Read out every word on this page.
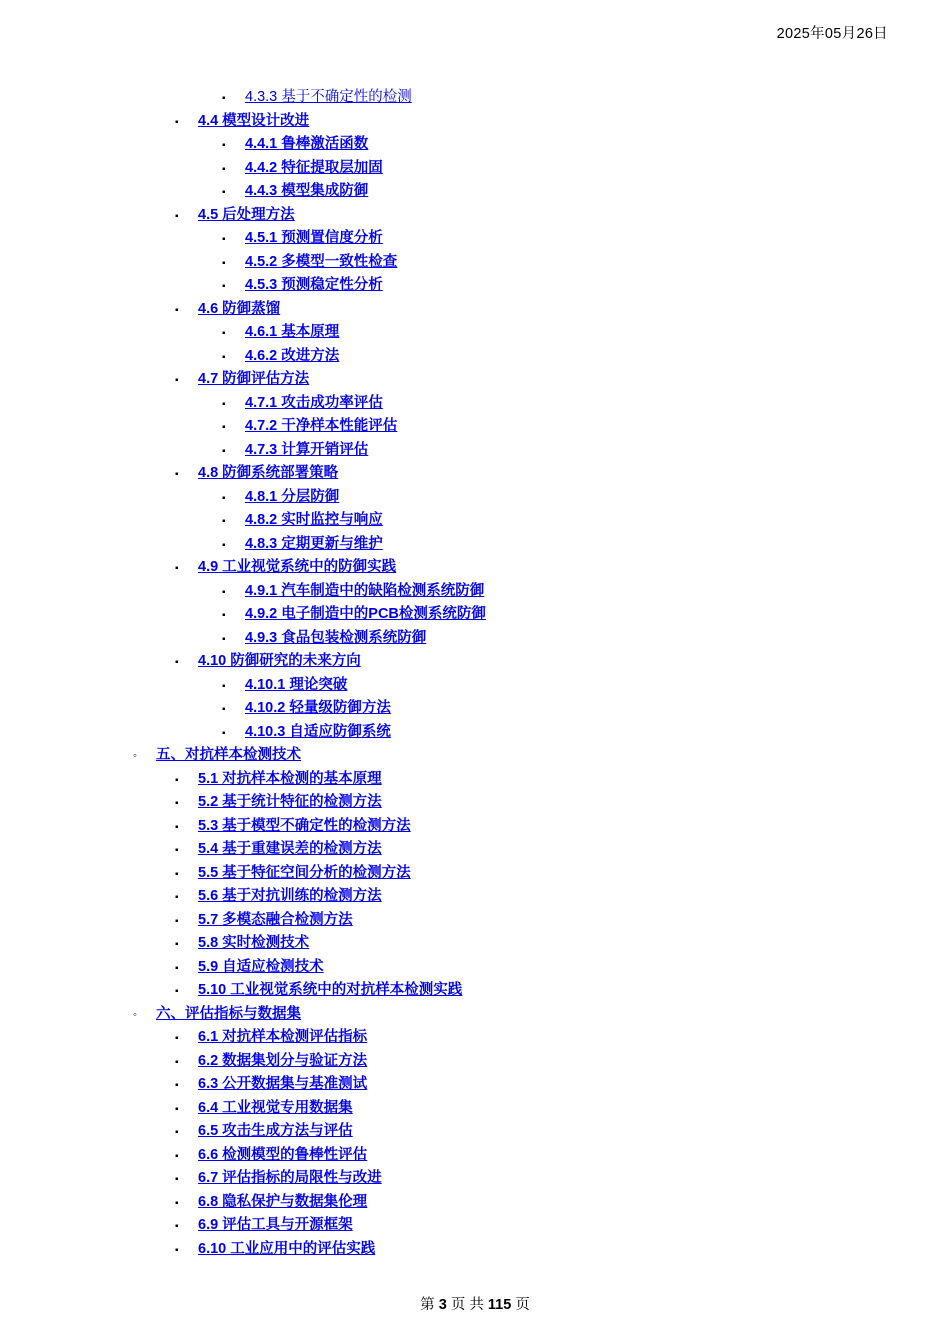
2025年05月26日
▪	4.3.3 基于不确定性的检测
▪	4.4 模型设计改进
▪	4.4.1 鲁棒激活函数
▪	4.4.2 特征提取层加固
▪	4.4.3 模型集成防御
▪	4.5 后处理方法
▪	4.5.1 预测置信度分析
▪	4.5.2 多模型一致性检查
▪	4.5.3 预测稳定性分析
▪	4.6 防御蒸馏
▪	4.6.1 基本原理
▪	4.6.2 改进方法
▪	4.7 防御评估方法
▪	4.7.1 攻击成功率评估
▪	4.7.2 干净样本性能评估
▪	4.7.3 计算开销评估
▪	4.8 防御系统部署策略
▪	4.8.1 分层防御
▪	4.8.2 实时监控与响应
▪	4.8.3 定期更新与维护
▪	4.9 工业视觉系统中的防御实践
▪	4.9.1 汽车制造中的缺陷检测系统防御
▪	4.9.2 电子制造中的PCB检测系统防御
▪	4.9.3 食品包装检测系统防御
▪	4.10 防御研究的未来方向
▪	4.10.1 理论突破
▪	4.10.2 轻量级防御方法
▪	4.10.3 自适应防御系统
◦	五、对抗样本检测技术
▪	5.1 对抗样本检测的基本原理
▪	5.2 基于统计特征的检测方法
▪	5.3 基于模型不确定性的检测方法
▪	5.4 基于重建误差的检测方法
▪	5.5 基于特征空间分析的检测方法
▪	5.6 基于对抗训练的检测方法
▪	5.7 多模态融合检测方法
▪	5.8 实时检测技术
▪	5.9 自适应检测技术
▪	5.10 工业视觉系统中的对抗样本检测实践
◦	六、评估指标与数据集
▪	6.1 对抗样本检测评估指标
▪	6.2 数据集划分与验证方法
▪	6.3 公开数据集与基准测试
▪	6.4 工业视觉专用数据集
▪	6.5 攻击生成方法与评估
▪	6.6 检测模型的鲁棒性评估
▪	6.7 评估指标的局限性与改进
▪	6.8 隐私保护与数据集伦理
▪	6.9 评估工具与开源框架
▪	6.10 工业应用中的评估实践
第 3 页 共 115 页
